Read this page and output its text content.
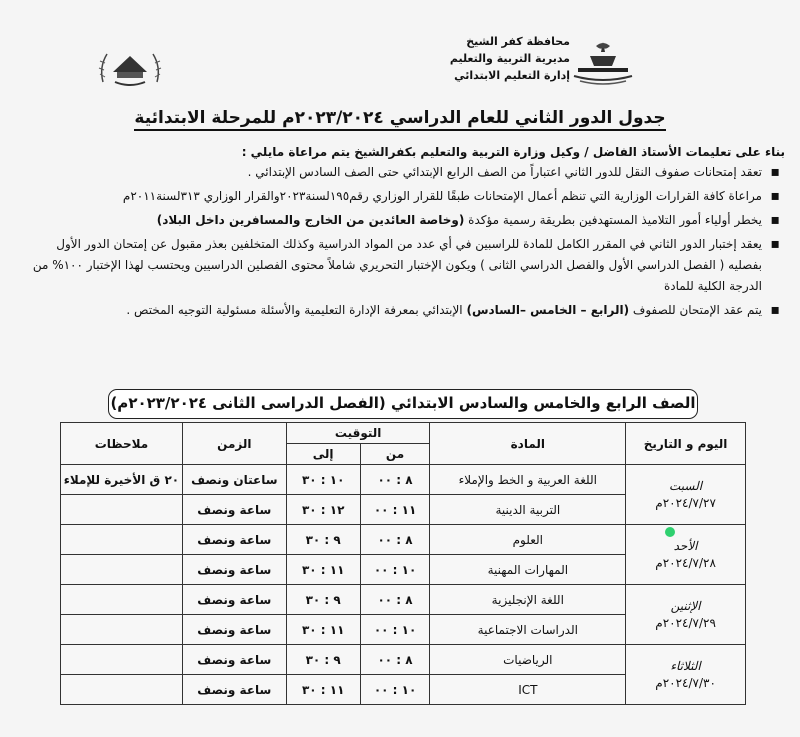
محافظة كفر الشيخ
مديرية التربية والتعليم
إدارة التعليم الابتدائي
جدول الدور الثاني للعام الدراسي ٢٠٢٣/٢٠٢٤م للمرحلة الابتدائية
بناء على تعليمات الأستاذ الفاضل / وكيل وزارة التربية والتعليم بكفرالشيخ يتم مراعاة مايلي :
▪ تعقد إمتحانات صفوف النقل للدور الثاني اعتباراً من الصف الرابع الإبتدائي حتى الصف السادس الإبتدائي .
▪ مراعاة كافة القرارات الوزارية التي تنظم أعمال الإمتحانات طبقًا للقرار الوزاري رقم١٩٥لسنة٢٠٢٣والقرار الوزاري ٣١٣لسنة٢٠١١م
▪ يخطر أولياء أمور التلاميذ المستهدفين بطريقة رسمية مؤكدة (وخاصة العائدين من الخارج والمسافرين داخل البلاد)
▪ يعقد إختبار الدور الثاني في المقرر الكامل للمادة للراسبين في أي عدد من المواد الدراسية وكذلك المتخلفين بعذر مقبول عن إمتحان الدور الأول بفصليه ( الفصل الدراسي الأول والفصل الدراسي الثانى ) ويكون الإختبار التحريري شاملاً محتوى الفصلين الدراسيين ويحتسب لهذا الإختبار ١٠٠% من الدرجة الكلية للمادة
▪ يتم عقد الإمتحان للصفوف (الرابع – الخامس –السادس) الإبتدائي بمعرفة الإدارة التعليمية والأسئلة مسئولية التوجيه المختص .
الصف الرابع والخامس والسادس الابتدائي (الفصل الدراسى الثانى ٢٠٢٣/٢٠٢٤م)
اليوم و التاريخ	المادة	التوقيت		الزمن	ملاحظات
		من	إلى		

السبت
٢٠٢٤/٧/٢٧م	اللغة العربية و الخط والإملاء	٨ : ٠٠	١٠ : ٣٠	ساعتان ونصف	٢٠ ق الأخيرة للإملاء
	التربية الدينية	١١ : ٠٠	١٢ : ٣٠	ساعة ونصف	

الأحد
٢٠٢٤/٧/٢٨م	العلوم	٨ : ٠٠	٩ : ٣٠	ساعة ونصف	
	المهارات المهنية	١٠ : ٠٠	١١ : ٣٠	ساعة ونصف	

الإثنين
٢٠٢٤/٧/٢٩م	اللغة الإنجليزية	٨ : ٠٠	٩ : ٣٠	ساعة ونصف	
	الدراسات الاجتماعية	١٠ : ٠٠	١١ : ٣٠	ساعة ونصف	

الثلاثاء
٢٠٢٤/٧/٣٠م	الرياضيات	٨ : ٠٠	٩ : ٣٠	ساعة ونصف	
	ICT	١٠ : ٠٠	١١ : ٣٠	ساعة ونصف	
